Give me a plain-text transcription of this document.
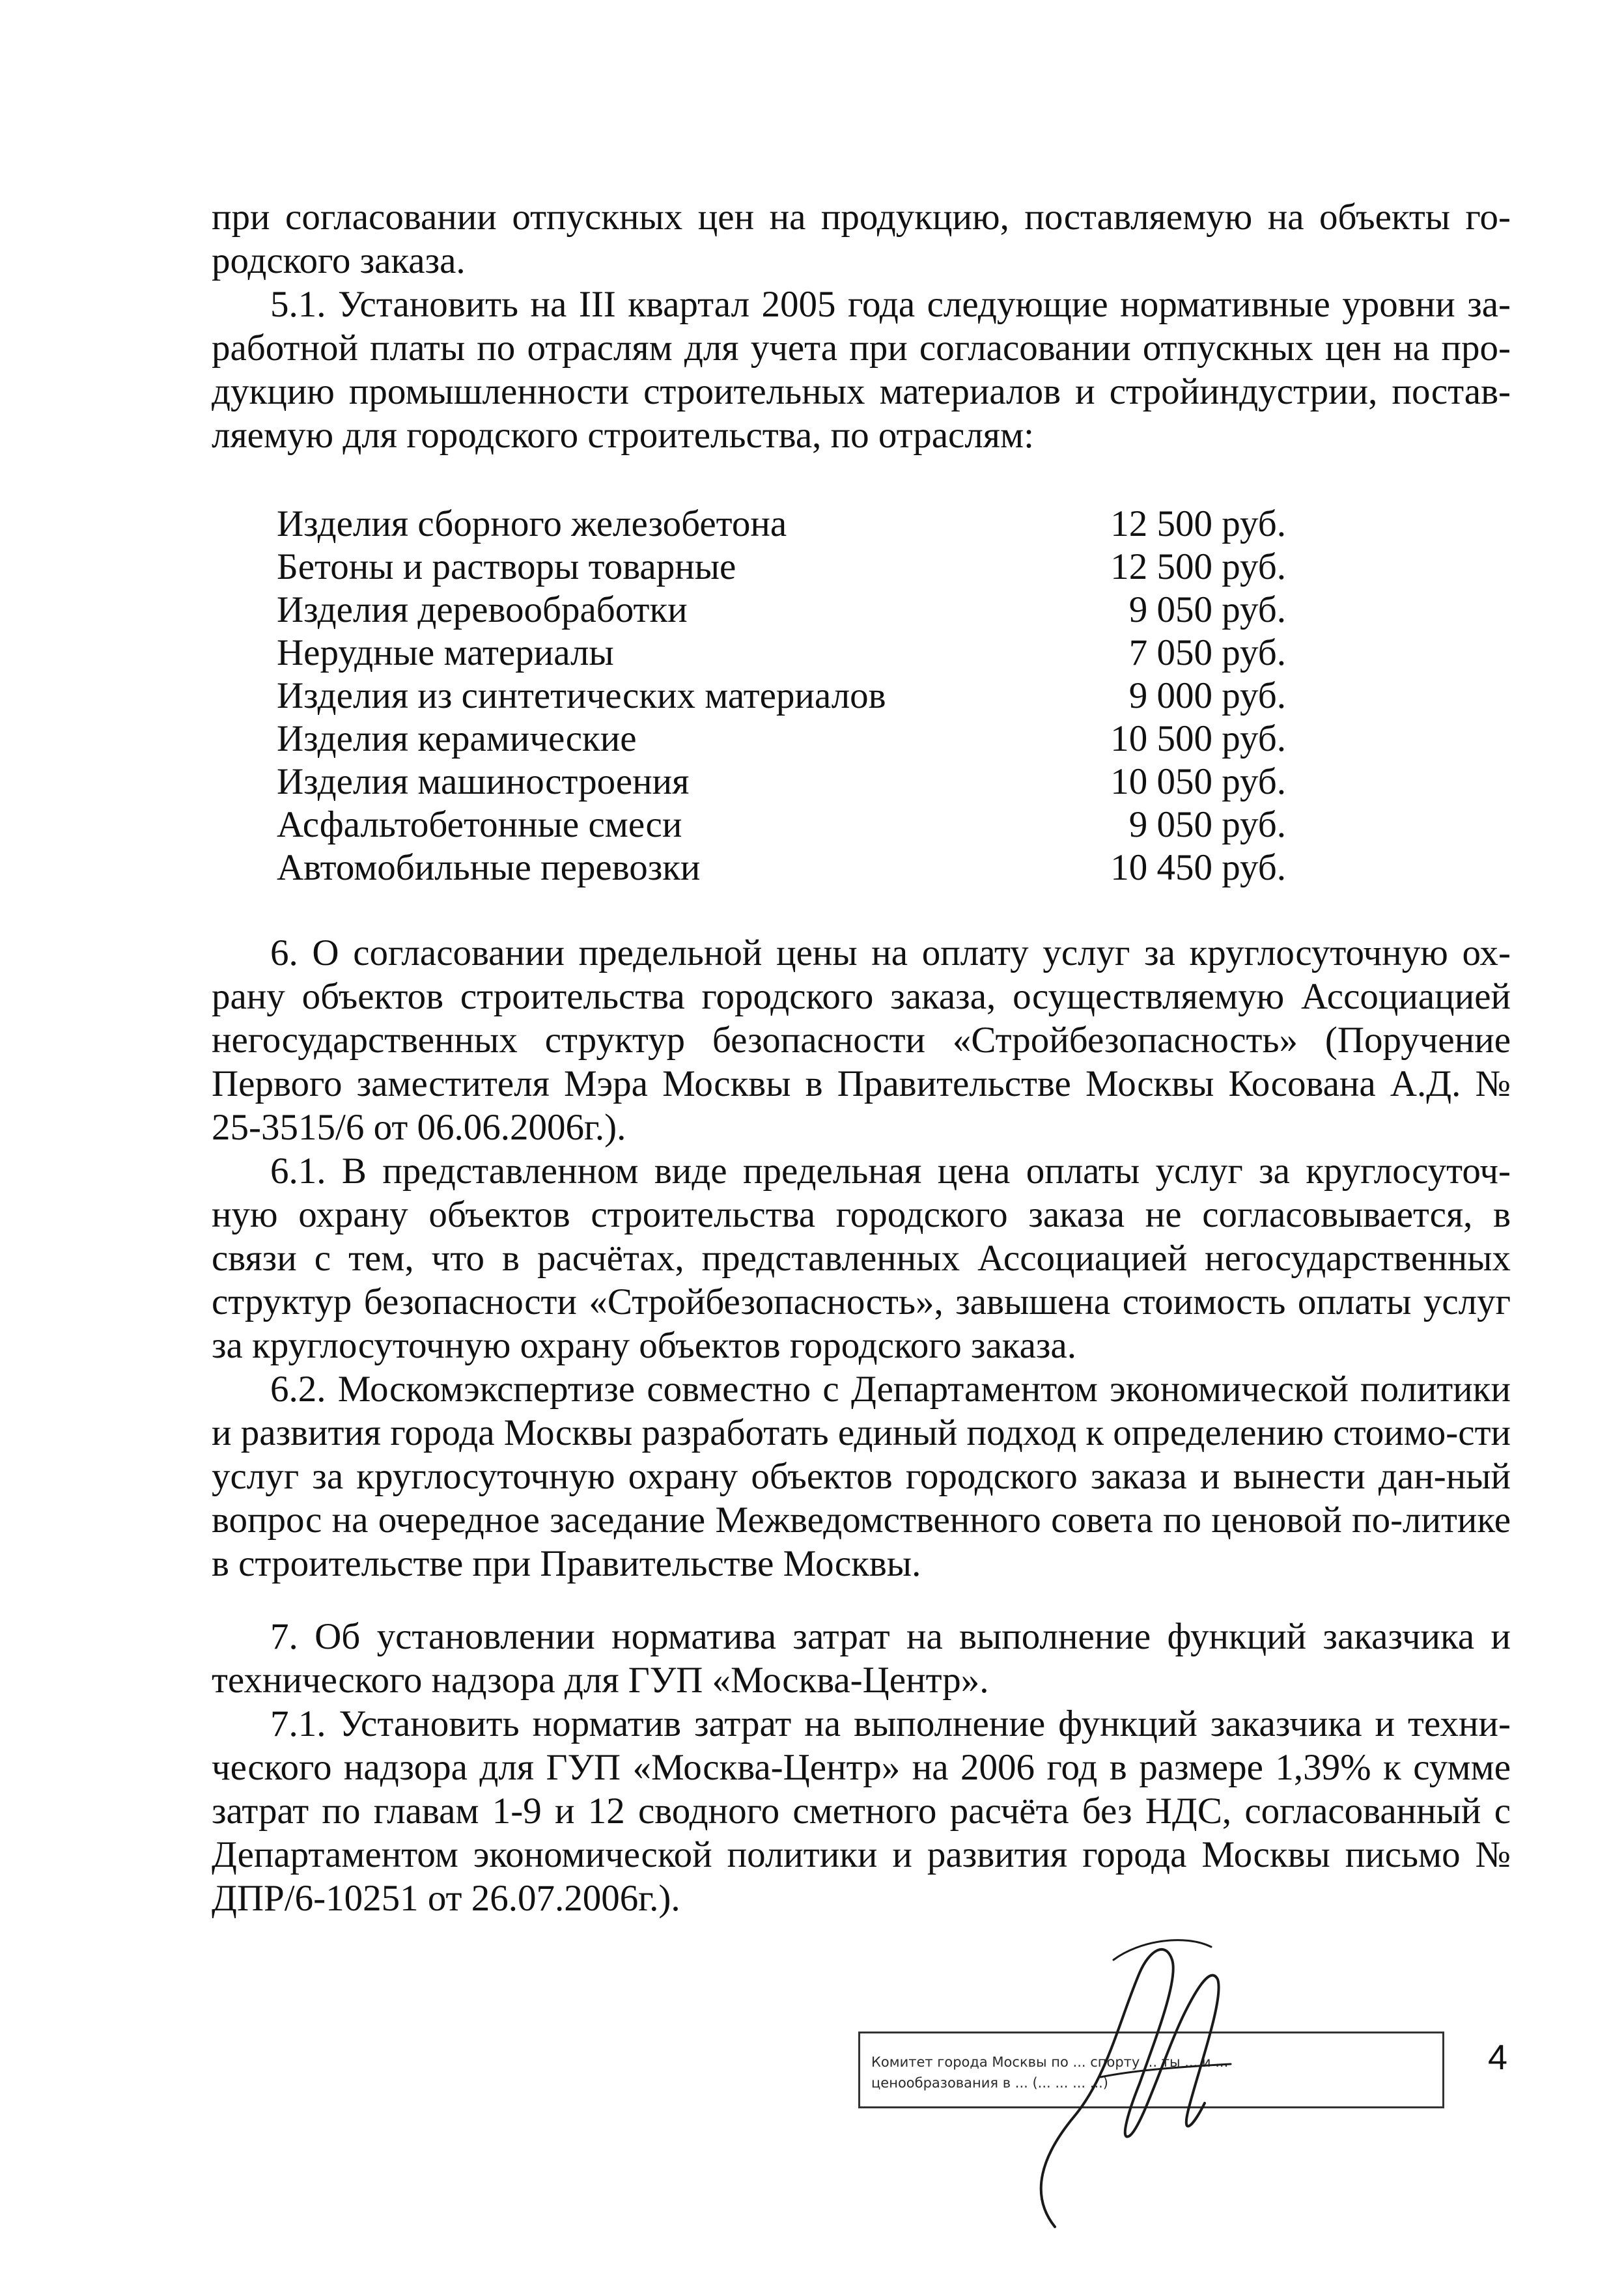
при согласовании отпускных цен на продукцию, поставляемую на объекты го-родского заказа.

5.1. Установить на III квартал 2005 года следующие нормативные уровни за-работной платы по отраслям для учета при согласовании отпускных цен на про-дукцию промышленности строительных материалов и стройиндустрии, постав-ляемую для городского строительства, по отраслям:

Изделия сборного железобетона	12 500 руб.
Бетоны и растворы товарные	12 500 руб.
Изделия деревообработки	9 050 руб.
Нерудные материалы	7 050 руб.
Изделия из синтетических материалов	9 000 руб.
Изделия керамические	10 500 руб.
Изделия машиностроения	10 050 руб.
Асфальтобетонные смеси	9 050 руб.
Автомобильные перевозки	10 450 руб.

6. О согласовании предельной цены на оплату услуг за круглосуточную ох-рану объектов строительства городского заказа, осуществляемую Ассоциацией негосударственных структур безопасности «Стройбезопасность» (Поручение Первого заместителя Мэра Москвы в Правительстве Москвы Косована А.Д. № 25-3515/6 от 06.06.2006г.).

6.1. В представленном виде предельная цена оплаты услуг за круглосуточ-ную охрану объектов строительства городского заказа не согласовывается, в связи с тем, что в расчётах, представленных Ассоциацией негосударственных структур безопасности «Стройбезопасность», завышена стоимость оплаты услуг за круглосуточную охрану объектов городского заказа.

6.2. Москомэкспертизе совместно с Департаментом экономической политики и развития города Москвы разработать единый подход к определению стоимо-сти услуг за круглосуточную охрану объектов городского заказа и вынести дан-ный вопрос на очередное заседание Межведомственного совета по ценовой по-литике в строительстве при Правительстве Москвы.

7. Об установлении норматива затрат на выполнение функций заказчика и технического надзора для ГУП «Москва-Центр».

7.1. Установить норматив затрат на выполнение функций заказчика и техни-ческого надзора для ГУП «Москва-Центр» на 2006 год в размере 1,39% к сумме затрат по главам 1-9 и 12 сводного сметного расчёта без НДС, согласованный с Департаментом экономической политики и развития города Москвы письмо № ДПР/6-10251 от 26.07.2006г.).

Комитет города Москвы по ... спорту ... ты ... и ...
ценообразования в ... (... ... ... ...)
4
